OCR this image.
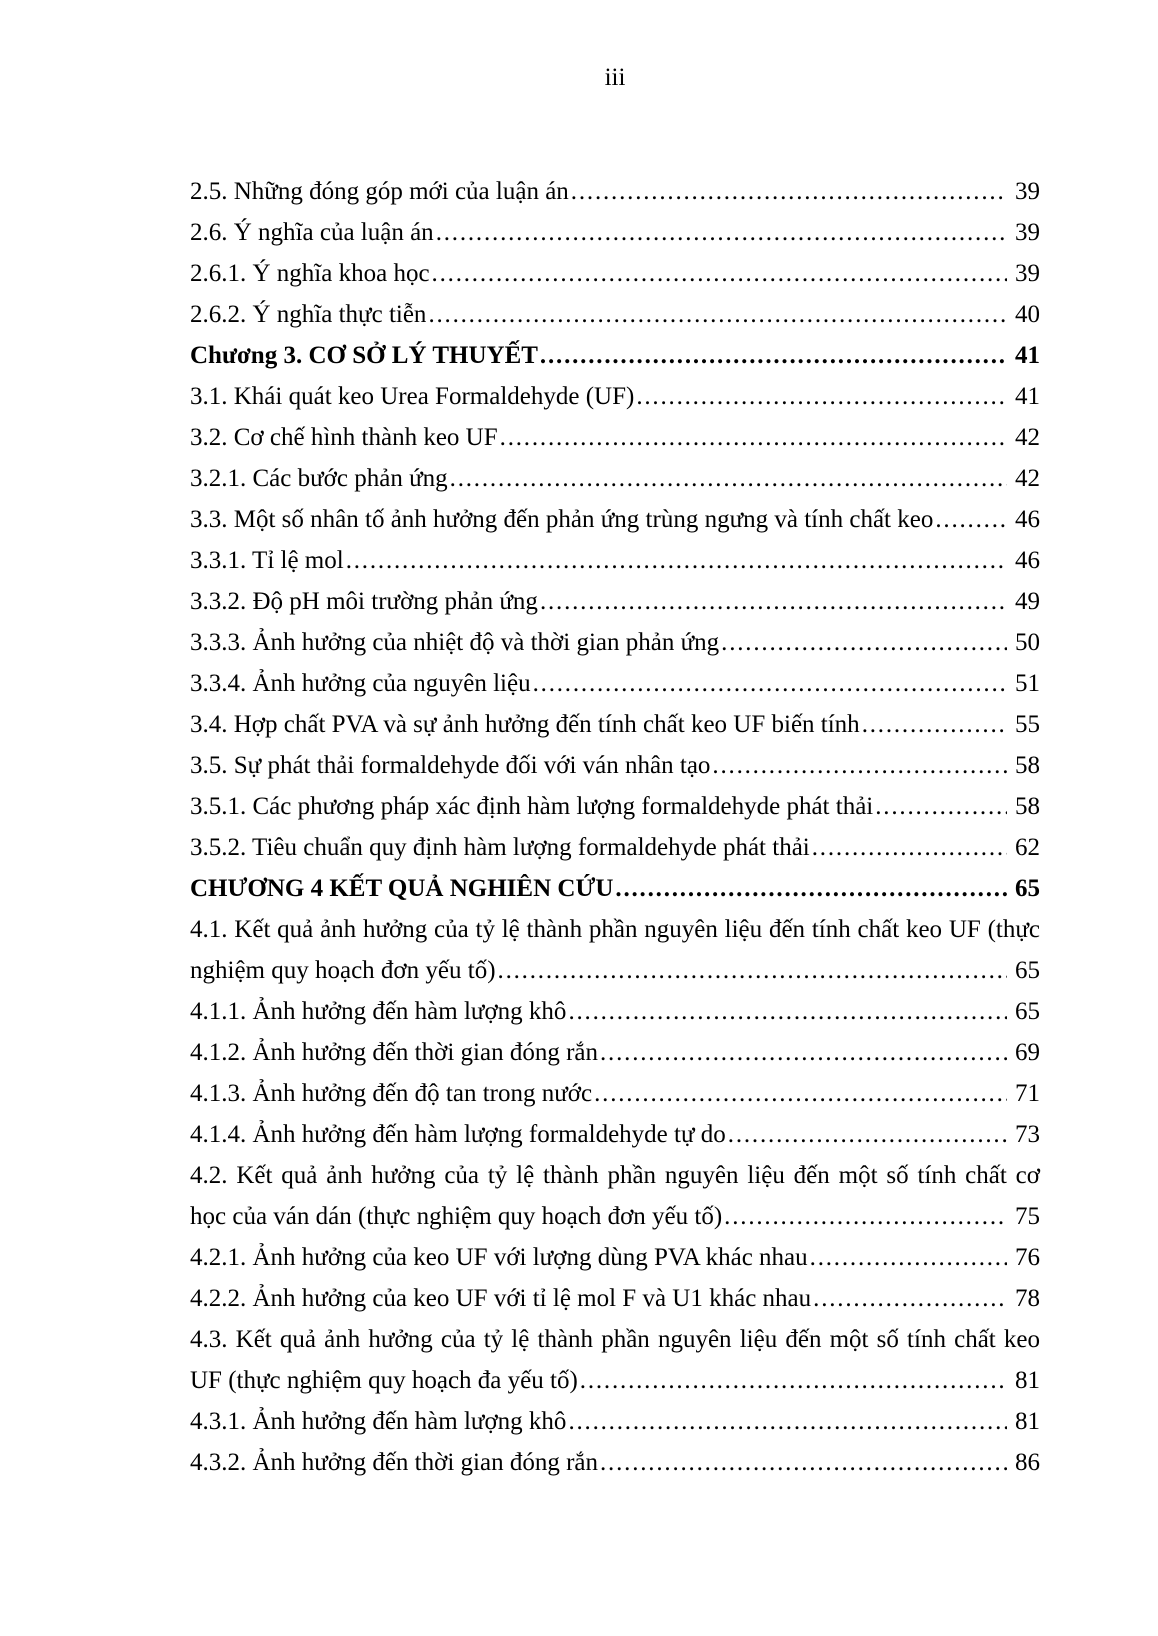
iii
2.5. Những đóng góp mới của luận án .....	39
2.6. Ý nghĩa của luận án .....	39
2.6.1. Ý nghĩa khoa học .....	39
2.6.2. Ý nghĩa thực tiễn .....	40
Chương 3. CƠ SỞ LÝ THUYẾT .....	41
3.1. Khái quát keo Urea Formaldehyde (UF) .....	41
3.2. Cơ chế hình thành keo UF .....	42
3.2.1. Các bước phản ứng .....	42
3.3. Một số nhân tố ảnh hưởng đến phản ứng trùng ngưng và tính chất keo .....	46
3.3.1. Tỉ lệ mol .....	46
3.3.2. Độ pH môi trường phản ứng .....	49
3.3.3. Ảnh hưởng của nhiệt độ và thời gian phản ứng .....	50
3.3.4. Ảnh hưởng của nguyên liệu .....	51
3.4. Hợp chất PVA và sự ảnh hưởng đến tính chất keo UF biến tính .....	55
3.5. Sự phát thải formaldehyde đối với ván nhân tạo .....	58
3.5.1. Các phương pháp xác định hàm lượng formaldehyde phát thải .....	58
3.5.2. Tiêu chuẩn quy định hàm lượng formaldehyde phát thải .....	62
CHƯƠNG 4 KẾT QUẢ NGHIÊN CỨU .....	65
4.1. Kết quả ảnh hưởng của tỷ lệ thành phần nguyên liệu đến tính chất keo UF (thực
nghiệm quy hoạch đơn yếu tố) .....	65
4.1.1. Ảnh hưởng đến hàm lượng khô .....	65
4.1.2. Ảnh hưởng đến thời gian đóng rắn .....	69
4.1.3. Ảnh hưởng đến độ tan trong nước .....	71
4.1.4. Ảnh hưởng đến hàm lượng formaldehyde tự do .....	73
4.2. Kết quả ảnh hưởng của tỷ lệ thành phần nguyên liệu đến một số tính chất cơ
học của ván dán (thực nghiệm quy hoạch đơn yếu tố) .....	75
4.2.1. Ảnh hưởng của keo UF với lượng dùng PVA khác nhau .....	76
4.2.2. Ảnh hưởng của keo UF với tỉ lệ mol F và U1 khác nhau .....	78
4.3. Kết quả ảnh hưởng của tỷ lệ thành phần nguyên liệu đến một số tính chất keo
UF (thực nghiệm quy hoạch đa yếu tố) .....	81
4.3.1. Ảnh hưởng đến hàm lượng khô .....	81
4.3.2. Ảnh hưởng đến thời gian đóng rắn .....	86
